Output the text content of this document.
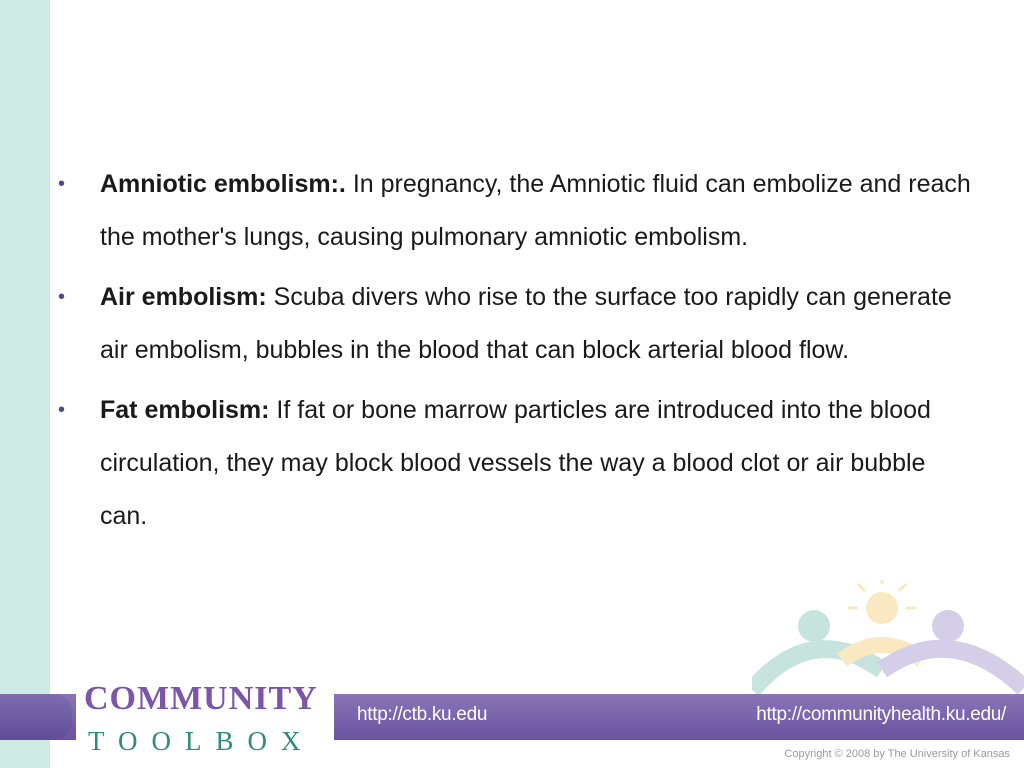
• Amniotic embolism:. In pregnancy, the Amniotic fluid can embolize and reach the mother's lungs, causing pulmonary amniotic embolism.
• Air embolism: Scuba divers who rise to the surface too rapidly can generate air embolism, bubbles in the blood that can block arterial blood flow.
• Fat embolism: If fat or bone marrow particles are introduced into the blood circulation, they may block blood vessels the way a blood clot or air bubble can.
COMMUNITY
TOOLBOX
http://ctb.ku.edu	http://communityhealth.ku.edu/
Copyright © 2008 by The University of Kansas
